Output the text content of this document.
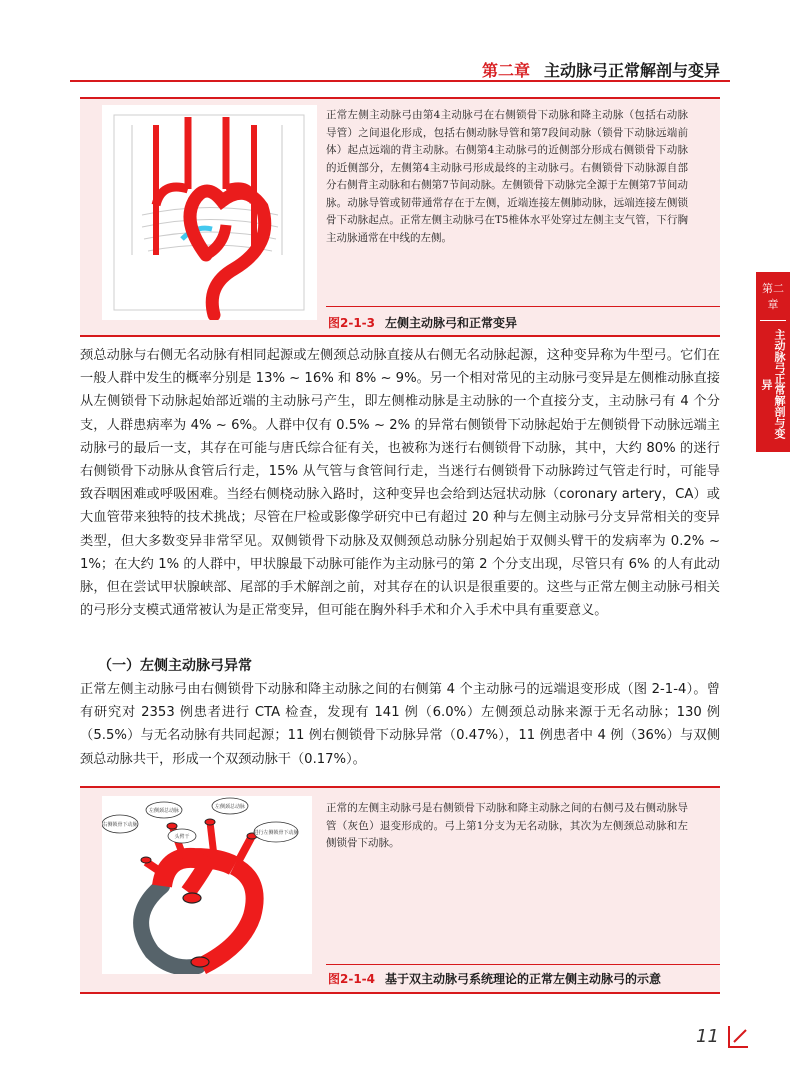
第二章 主动脉弓正常解剖与变异
第二章
主动脉弓正常解剖与变异
正常左侧主动脉弓由第4主动脉弓在右侧锁骨下动脉和降主动脉（包括右动脉导管）之间退化形成，包括右侧动脉导管和第7段间动脉（锁骨下动脉远端前体）起点远端的背主动脉。右侧第4主动脉弓的近侧部分形成右侧锁骨下动脉的近侧部分，左侧第4主动脉弓形成最终的主动脉弓。右侧锁骨下动脉源自部分右侧背主动脉和右侧第7节间动脉。左侧锁骨下动脉完全源于左侧第7节间动脉。动脉导管或韧带通常存在于左侧，近端连接左侧肺动脉，远端连接左侧锁骨下动脉起点。正常左侧主动脉弓在T5椎体水平处穿过左侧主支气管，下行胸主动脉通常在中线的左侧。
图2-1-3 左侧主动脉弓和正常变异

颈总动脉与右侧无名动脉有相同起源或左侧颈总动脉直接从右侧无名动脉起源，这种变异称为牛型弓。它们在一般人群中发生的概率分别是 13% ~ 16% 和 8% ~ 9%。另一个相对常见的主动脉弓变异是左侧椎动脉直接从左侧锁骨下动脉起始部近端的主动脉弓产生，即左侧椎动脉是主动脉的一个直接分支，主动脉弓有 4 个分支，人群患病率为 4% ~ 6%。人群中仅有 0.5% ~ 2% 的异常右侧锁骨下动脉起始于左侧锁骨下动脉远端主动脉弓的最后一支，其存在可能与唐氏综合征有关，也被称为迷行右侧锁骨下动脉，其中，大约 80% 的迷行右侧锁骨下动脉从食管后行走，15% 从气管与食管间行走，当迷行右侧锁骨下动脉跨过气管走行时，可能导致吞咽困难或呼吸困难。当经右侧桡动脉入路时，这种变异也会给到达冠状动脉（coronary artery，CA）或大血管带来独特的技术挑战；尽管在尸检或影像学研究中已有超过 20 种与左侧主动脉弓分支异常相关的变异类型，但大多数变异非常罕见。双侧锁骨下动脉及双侧颈总动脉分别起始于双侧头臂干的发病率为 0.2% ~ 1%；在大约 1% 的人群中，甲状腺最下动脉可能作为主动脉弓的第 2 个分支出现，尽管只有 6% 的人有此动脉，但在尝试甲状腺峡部、尾部的手术解剖之前，对其存在的认识是很重要的。这些与正常左侧主动脉弓相关的弓形分支模式通常被认为是正常变异，但可能在胸外科手术和介入手术中具有重要意义。

（一）左侧主动脉弓异常

正常左侧主动脉弓由右侧锁骨下动脉和降主动脉之间的右侧第 4 个主动脉弓的远端退变形成（图 2-1-4）。曾有研究对 2353 例患者进行 CTA 检查，发现有 141 例（6.0%）左侧颈总动脉来源于无名动脉；130 例（5.5%）与无名动脉有共同起源；11 例右侧锁骨下动脉异常（0.47%），11 例患者中 4 例（36%）与双侧颈总动脉共干，形成一个双颈动脉干（0.17%）。

右侧锁骨下动脉
左侧颈总动脉
头臂干
左侧颈总动脉
进行左侧锁骨下动脉
正常的左侧主动脉弓是右侧锁骨下动脉和降主动脉之间的右侧弓及右侧动脉导管（灰色）退变形成的。弓上第1分支为无名动脉，其次为左侧颈总动脉和左侧锁骨下动脉。
图2-1-4 基于双主动脉弓系统理论的正常左侧主动脉弓的示意
11
